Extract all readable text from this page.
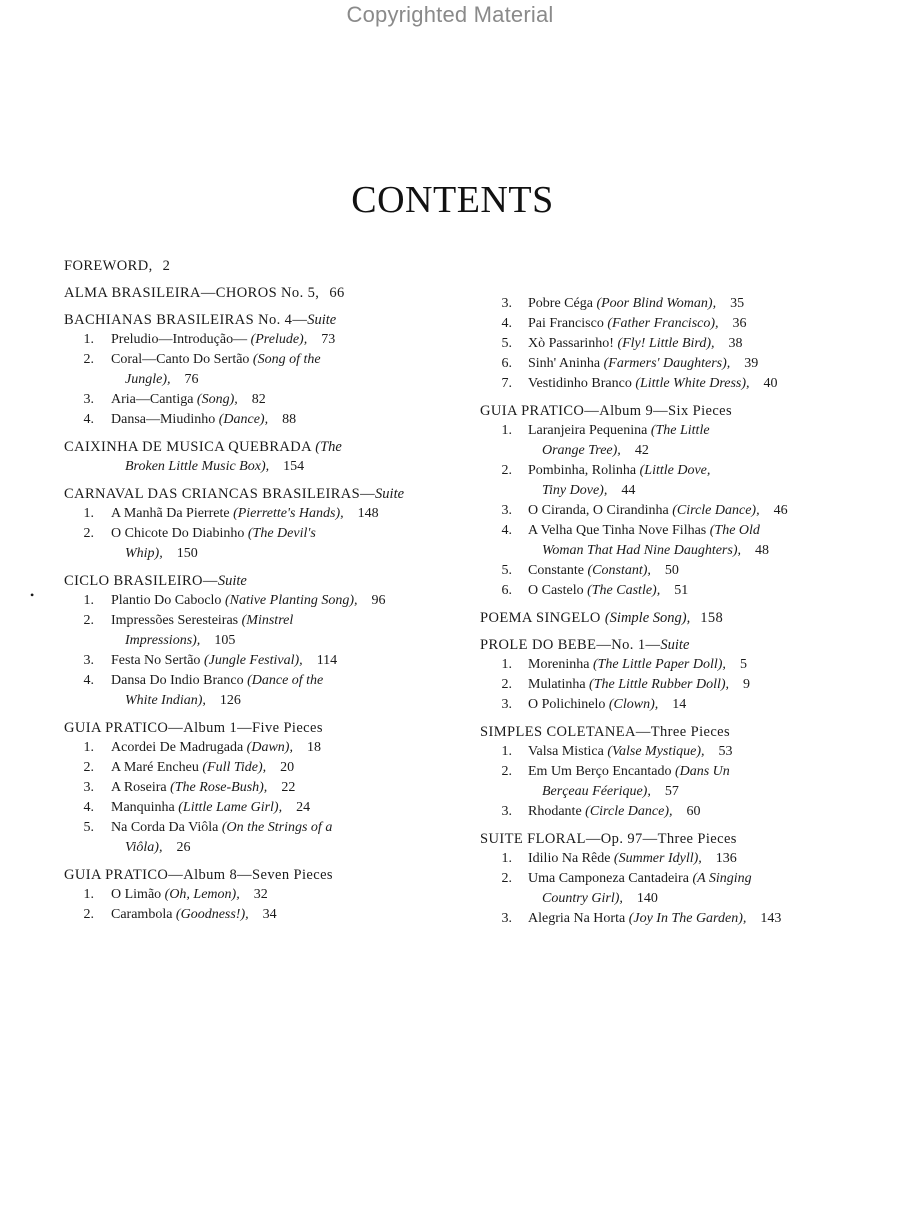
Copyrighted Material
CONTENTS
•
FOREWORD, 2
ALMA BRASILEIRA—CHOROS No. 5, 66
BACHIANAS BRASILEIRAS No. 4—Suite
1. Preludio—Introdução— (Prelude), 73
2. Coral—Canto Do Sertão (Song of the
Jungle), 76
3. Aria—Cantiga (Song), 82
4. Dansa—Miudinho (Dance), 88
CAIXINHA DE MUSICA QUEBRADA (The
Broken Little Music Box), 154
CARNAVAL DAS CRIANCAS BRASILEIRAS—Suite
1. A Manhã Da Pierrete (Pierrette's Hands), 148
2. O Chicote Do Diabinho (The Devil's
Whip), 150
CICLO BRASILEIRO—Suite
1. Plantio Do Caboclo (Native Planting Song), 96
2. Impressões Seresteiras (Minstrel
Impressions), 105
3. Festa No Sertão (Jungle Festival), 114
4. Dansa Do Indio Branco (Dance of the
White Indian), 126
GUIA PRATICO—Album 1—Five Pieces
1. Acordei De Madrugada (Dawn), 18
2. A Maré Encheu (Full Tide), 20
3. A Roseira (The Rose-Bush), 22
4. Manquinha (Little Lame Girl), 24
5. Na Corda Da Viôla (On the Strings of a
Viôla), 26
GUIA PRATICO—Album 8—Seven Pieces
1. O Limão (Oh, Lemon), 32
2. Carambola (Goodness!), 34
3. Pobre Céga (Poor Blind Woman), 35
4. Pai Francisco (Father Francisco), 36
5. Xò Passarinho! (Fly! Little Bird), 38
6. Sinh' Aninha (Farmers' Daughters), 39
7. Vestidinho Branco (Little White Dress), 40
GUIA PRATICO—Album 9—Six Pieces
1. Laranjeira Pequenina (The Little
Orange Tree), 42
2. Pombinha, Rolinha (Little Dove,
Tiny Dove), 44
3. O Ciranda, O Cirandinha (Circle Dance), 46
4. A Velha Que Tinha Nove Filhas (The Old
Woman That Had Nine Daughters), 48
5. Constante (Constant), 50
6. O Castelo (The Castle), 51
POEMA SINGELO (Simple Song), 158
PROLE DO BEBE—No. 1—Suite
1. Moreninha (The Little Paper Doll), 5
2. Mulatinha (The Little Rubber Doll), 9
3. O Polichinelo (Clown), 14
SIMPLES COLETANEA—Three Pieces
1. Valsa Mistica (Valse Mystique), 53
2. Em Um Berço Encantado (Dans Un
Berçeau Féerique), 57
3. Rhodante (Circle Dance), 60
SUITE FLORAL—Op. 97—Three Pieces
1. Idilio Na Rêde (Summer Idyll), 136
2. Uma Camponeza Cantadeira (A Singing
Country Girl), 140
3. Alegria Na Horta (Joy In The Garden), 143
